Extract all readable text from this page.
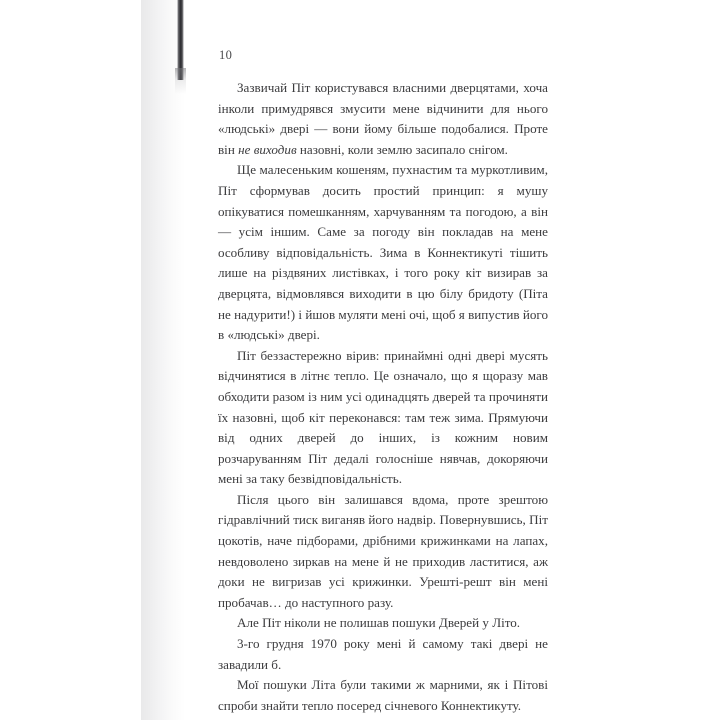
10

Зазвичай Піт користувався власними дверцятами, хоча інколи примудрявся змусити мене відчинити для нього «людські» двері — вони йому більше подобалися. Проте він не виходив назовні, коли землю засипало снігом.

Ще малесеньким кошеням, пухнастим та муркотливим, Піт сформував досить простий принцип: я мушу опікуватися помешканням, харчуванням та погодою, а він — усім іншим. Саме за погоду він покладав на мене особливу відповідальність. Зима в Коннектикуті тішить лише на різдвяних листівках, і того року кіт визирав за дверцята, відмовлявся виходити в цю білу бридоту (Піта не надурити!) і йшов муляти мені очі, щоб я випустив його в «людські» двері.

Піт беззастережно вірив: принаймні одні двері мусять відчинятися в літнє тепло. Це означало, що я щоразу мав обходити разом із ним усі одинадцять дверей та прочиняти їх назовні, щоб кіт переконався: там теж зима. Прямуючи від одних дверей до інших, із кожним новим розчаруванням Піт дедалі голосніше нявчав, докоряючи мені за таку безвідповідальність.

Після цього він залишався вдома, проте зрештою гідравлічний тиск виганяв його надвір. Повернувшись, Піт цокотів, наче підборами, дрібними крижинками на лапах, невдоволено зиркав на мене й не приходив ластитися, аж доки не вигризав усі крижинки. Урешті-решт він мені пробачав… до наступного разу.

Але Піт ніколи не полишав пошуки Дверей у Літо.

3-го грудня 1970 року мені й самому такі двері не завадили б.

Мої пошуки Літа були такими ж марними, як і Пітові спроби знайти тепло посеред січневого Коннектикуту.
